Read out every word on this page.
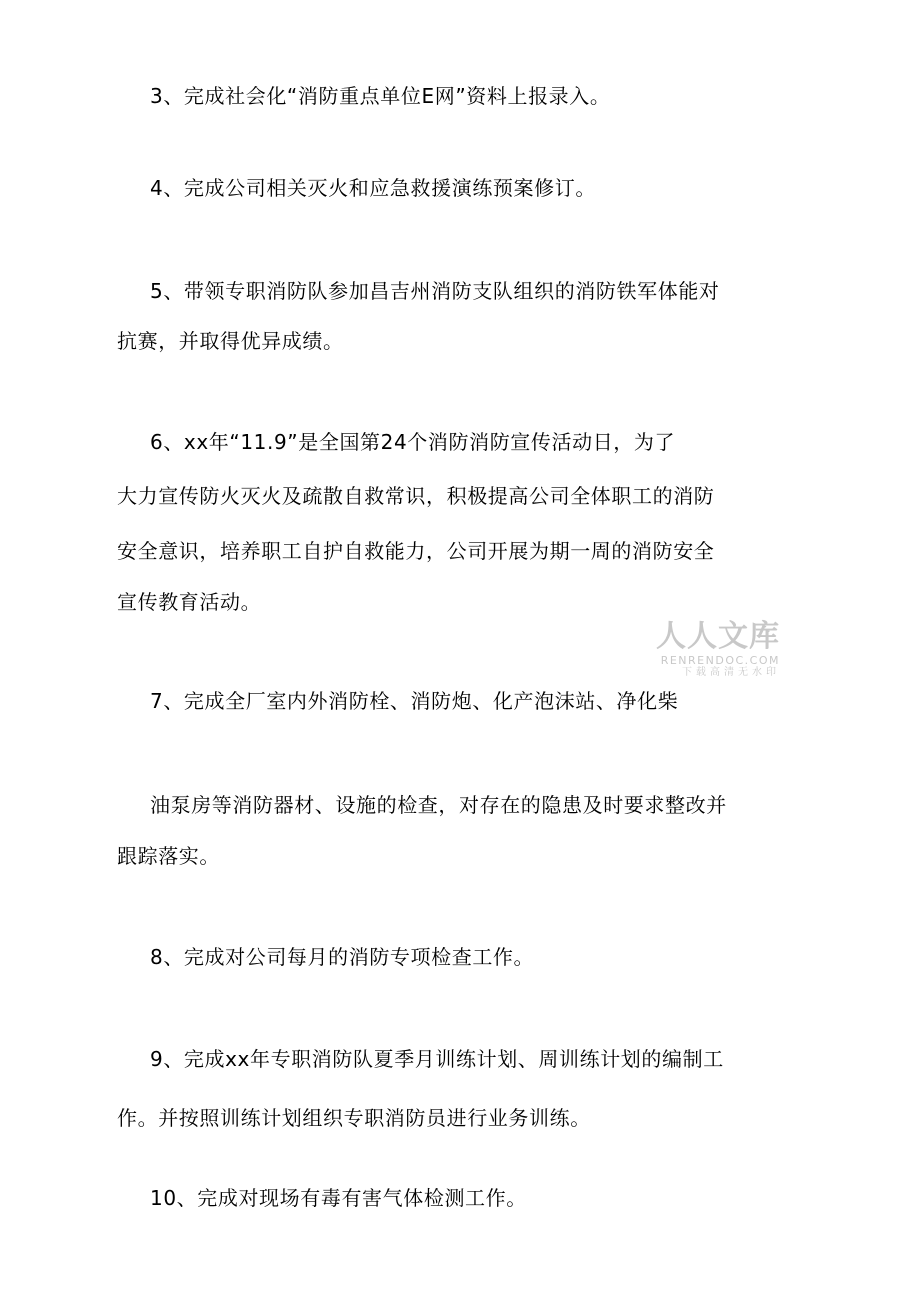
3、完成社会化“消防重点单位E网”资料上报录入。
4、完成公司相关灭火和应急救援演练预案修订。
5、带领专职消防队参加昌吉州消防支队组织的消防铁军体能对
抗赛，并取得优异成绩。
6、xx年“11.9”是全国第24个消防消防宣传活动日，为了
大力宣传防火灭火及疏散自救常识，积极提高公司全体职工的消防
安全意识，培养职工自护自救能力，公司开展为期一周的消防安全
宣传教育活动。
7、完成全厂室内外消防栓、消防炮、化产泡沫站、净化柴
油泵房等消防器材、设施的检查，对存在的隐患及时要求整改并
跟踪落实。
8、完成对公司每月的消防专项检查工作。
9、完成xx年专职消防队夏季月训练计划、周训练计划的编制工
作。并按照训练计划组织专职消防员进行业务训练。
10、完成对现场有毒有害气体检测工作。
人人文库
RENRENDOC.COM
下载高清无水印
